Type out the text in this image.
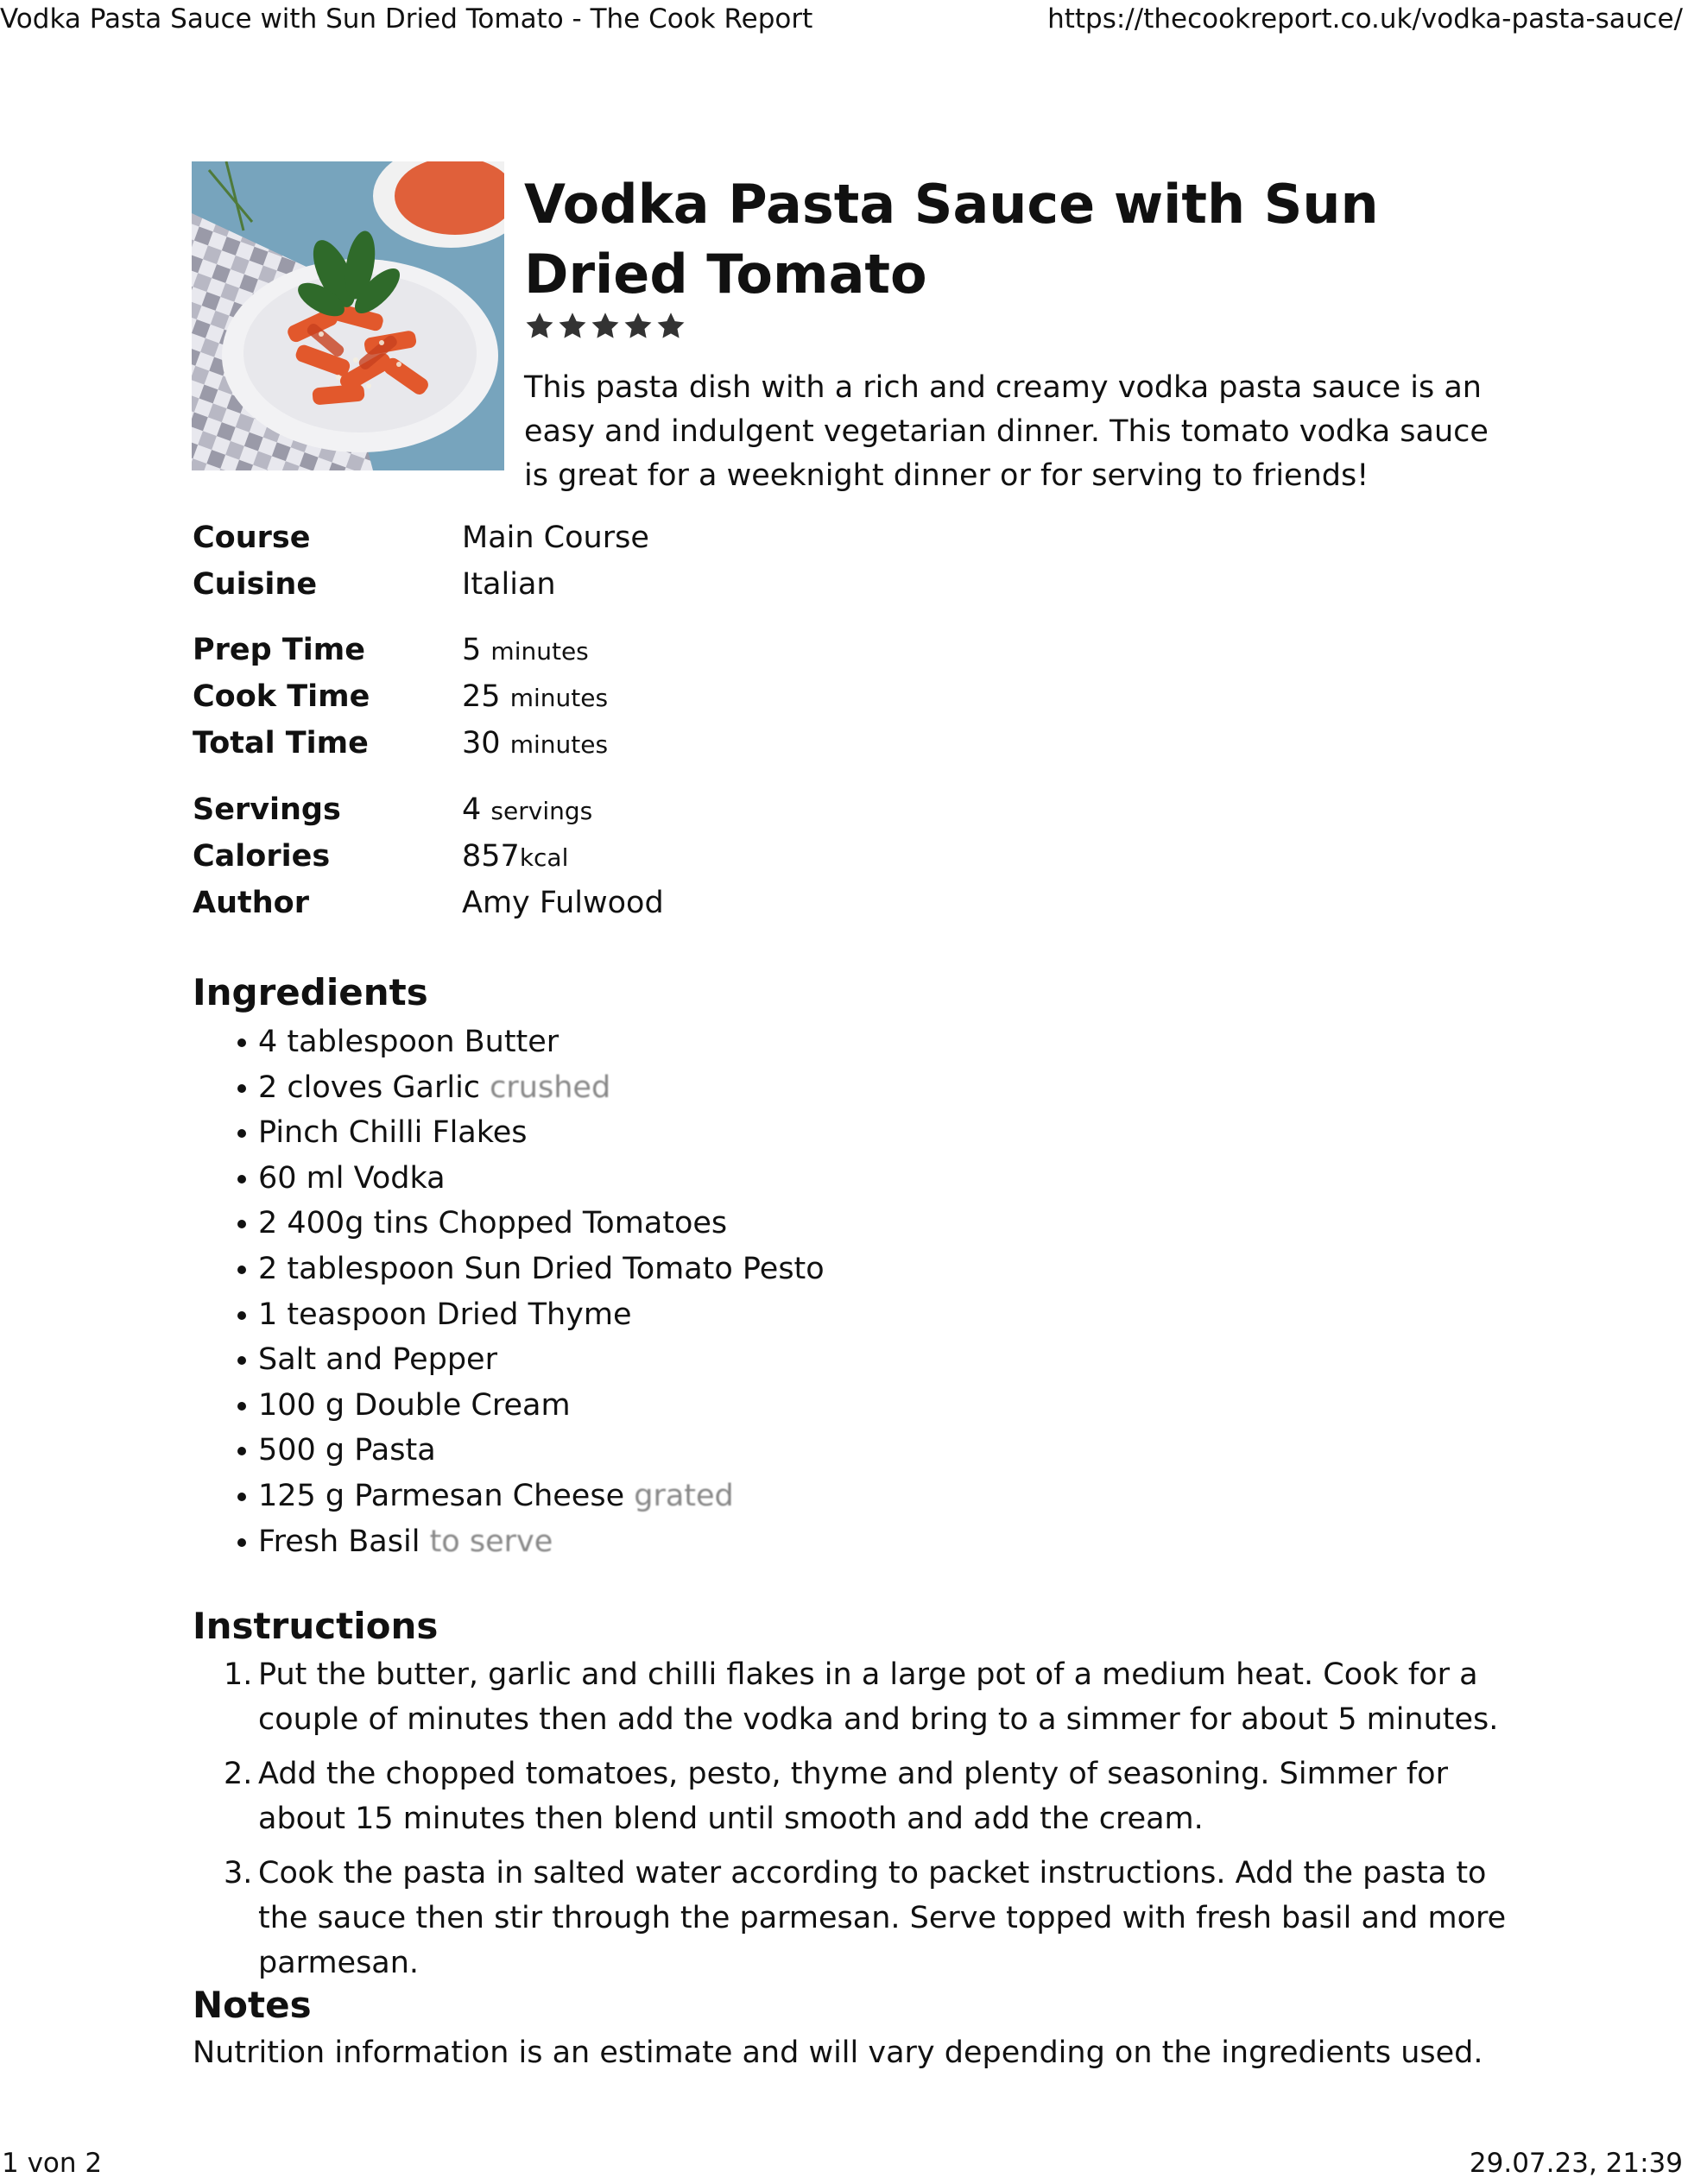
Vodka Pasta Sauce with Sun Dried Tomato - The Cook Report	https://thecookreport.co.uk/vodka-pasta-sauce/
Vodka Pasta Sauce with Sun Dried Tomato

This pasta dish with a rich and creamy vodka pasta sauce is an easy and indulgent vegetarian dinner. This tomato vodka sauce is great for a weeknight dinner or for serving to friends!

Course	Main Course
Cuisine	Italian
Prep Time	5 minutes
Cook Time	25 minutes
Total Time	30 minutes
Servings	4 servings
Calories	857kcal
Author	Amy Fulwood
Ingredients
4 tablespoon Butter
2 cloves Garlic crushed
Pinch Chilli Flakes
60 ml Vodka
2 400g tins Chopped Tomatoes
2 tablespoon Sun Dried Tomato Pesto
1 teaspoon Dried Thyme
Salt and Pepper
100 g Double Cream
500 g Pasta
125 g Parmesan Cheese grated
Fresh Basil to serve
Instructions
1. Put the butter, garlic and chilli flakes in a large pot of a medium heat. Cook for a couple of minutes then add the vodka and bring to a simmer for about 5 minutes.
2. Add the chopped tomatoes, pesto, thyme and plenty of seasoning. Simmer for about 15 minutes then blend until smooth and add the cream.
3. Cook the pasta in salted water according to packet instructions. Add the pasta to the sauce then stir through the parmesan. Serve topped with fresh basil and more parmesan.
Notes

Nutrition information is an estimate and will vary depending on the ingredients used.

1 von 2	29.07.23, 21:39
